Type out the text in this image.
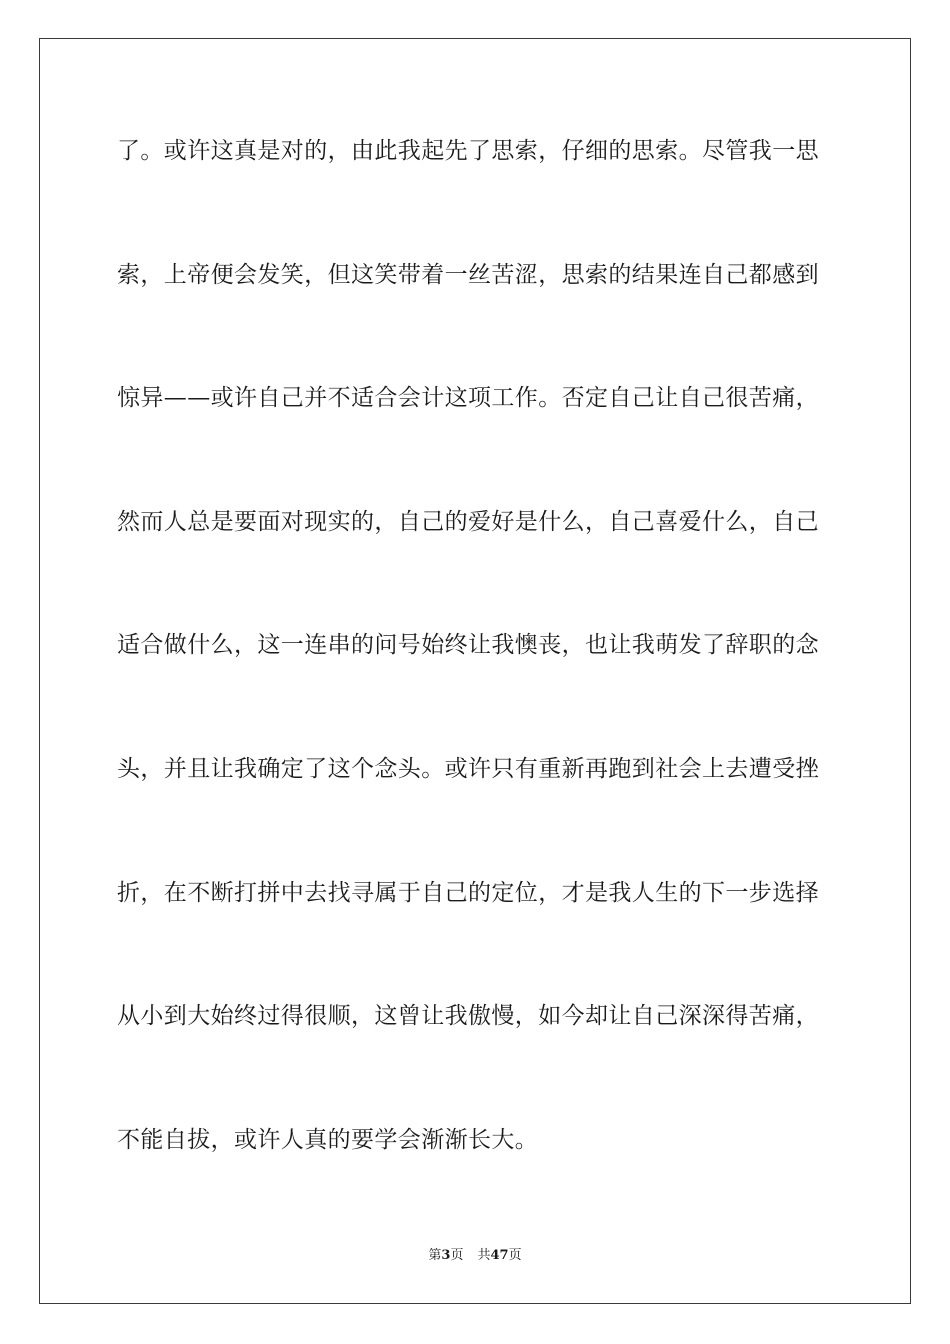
了。或许这真是对的，由此我起先了思索，仔细的思索。尽管我一思
索，上帝便会发笑，但这笑带着一丝苦涩，思索的结果连自己都感到
惊异——或许自己并不适合会计这项工作。否定自己让自己很苦痛，
然而人总是要面对现实的，自己的爱好是什么，自己喜爱什么，自己
适合做什么，这一连串的问号始终让我懊丧，也让我萌发了辞职的念
头，并且让我确定了这个念头。或许只有重新再跑到社会上去遭受挫
折，在不断打拼中去找寻属于自己的定位，才是我人生的下一步选择
从小到大始终过得很顺，这曾让我傲慢，如今却让自己深深得苦痛，
不能自拔，或许人真的要学会渐渐长大。
第3页 共47页
